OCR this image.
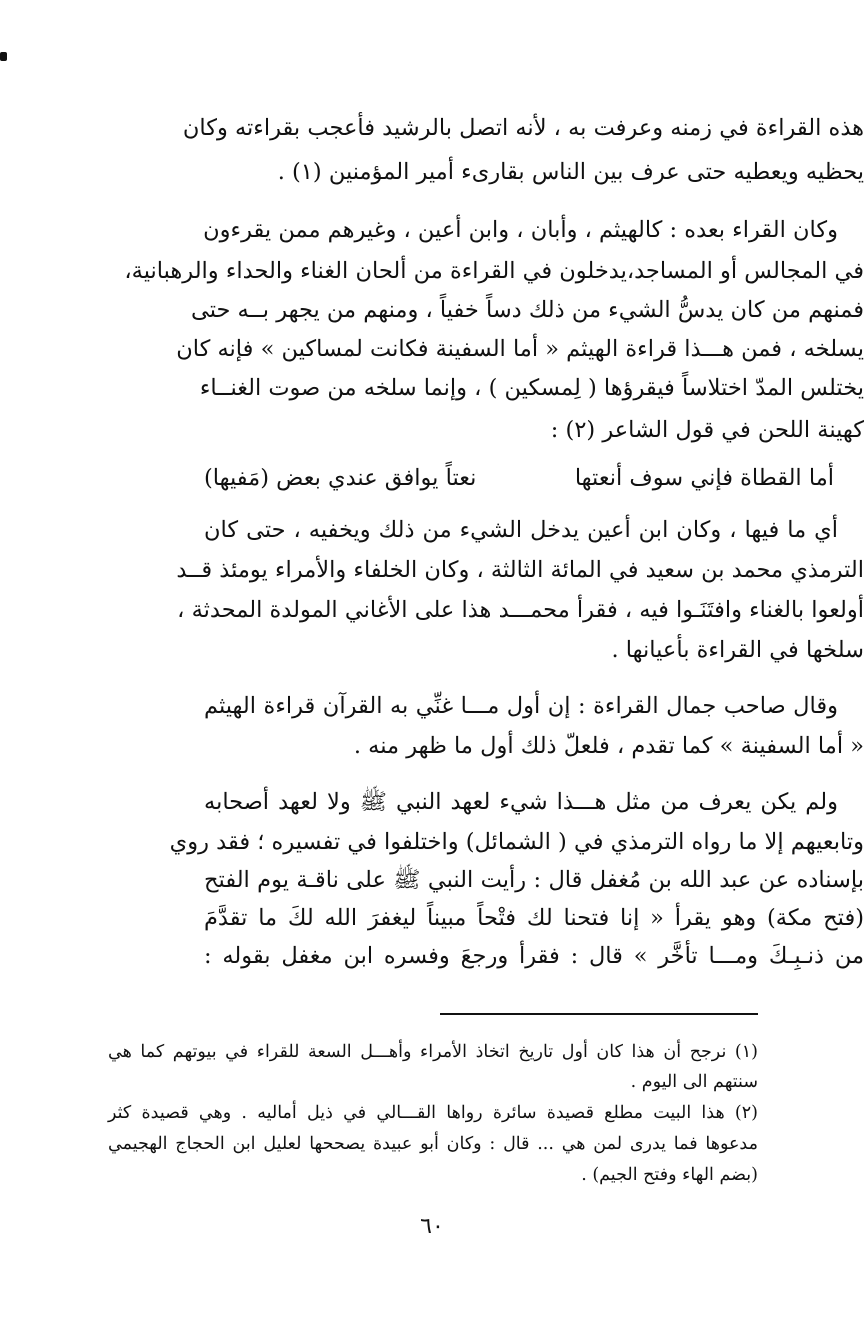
هذه القراءة في زمنه وعرفت به ، لأنه اتصل بالرشيد فأعجب بقراءته وكان
يحظيه ويعطيه حتى عرف بين الناس بقارىء أمير المؤمنين (١) .
وكان القراء بعده : كالهيثم ، وأبان ، وابن أعين ، وغيرهم ممن يقرءون
في المجالس أو المساجد،يدخلون في القراءة من ألحان الغناء والحداء والرهبانية،
فمنهم من كان يدسُّ الشيء من ذلك دساً خفياً ، ومنهم من يجهر بــه حتى
يسلخه ، فمن هـــذا قراءة الهيثم « أما السفينة فكانت لمساكين » فإنه كان
يختلس المدّ اختلاساً فيقرؤها ( لِمسكين ) ، وإنما سلخه من صوت الغنــاء
كهينة اللحن في قول الشاعر (٢) :
أما القطاة فإني سوف أنعتها
نعتاً يوافق عندي بعض (مَفيها)
أي ما فيها ، وكان ابن أعين يدخل الشيء من ذلك ويخفيه ، حتى كان
الترمذي محمد بن سعيد في المائة الثالثة ، وكان الخلفاء والأمراء يومئذ قــد
أولعوا بالغناء وافتَنَـوا فيه ، فقرأ محمـــد هذا على الأغاني المولدة المحدثة ،
سلخها في القراءة بأعيانها .
وقال صاحب جمال القراءة : إن أول مـــا غنِّي به القرآن قراءة الهيثم
« أما السفينة » كما تقدم ، فلعلّ ذلك أول ما ظهر منه .
ولم يكن يعرف من مثل هـــذا شيء لعهد النبي ﷺ ولا لعهد أصحابه
وتابعيهم إلا ما رواه الترمذي في ( الشمائل) واختلفوا في تفسيره ؛ فقد روي
بإسناده عن عبد الله بن مُغفل قال : رأيت النبي ﷺ على ناقـة يوم الفتح
(فتح مكة) وهو يقرأ « إنا فتحنا لك فتْحاً مبيناً ليغفرَ الله لكَ ما تقدَّمَ
من ذنـبِـكَ ومـــا تأخَّر » قال : فقرأ ورجعَ وفسره ابن مغفل بقوله :
(١) نرجح أن هذا كان أول تاريخ اتخاذ الأمراء وأهـــل السعة للقراء في بيوتهم كما هي
سنتهم الى اليوم .
(٢) هذا البيت مطلع قصيدة سائرة رواها القـــالي في ذيل أماليه . وهي قصيدة كثر
مدعوها فما يدرى لمن هي ... قال : وكان أبو عبيدة يصححها لعليل ابن الحجاج الهجيمي
(بضم الهاء وفتح الجيم) .
٦٠
